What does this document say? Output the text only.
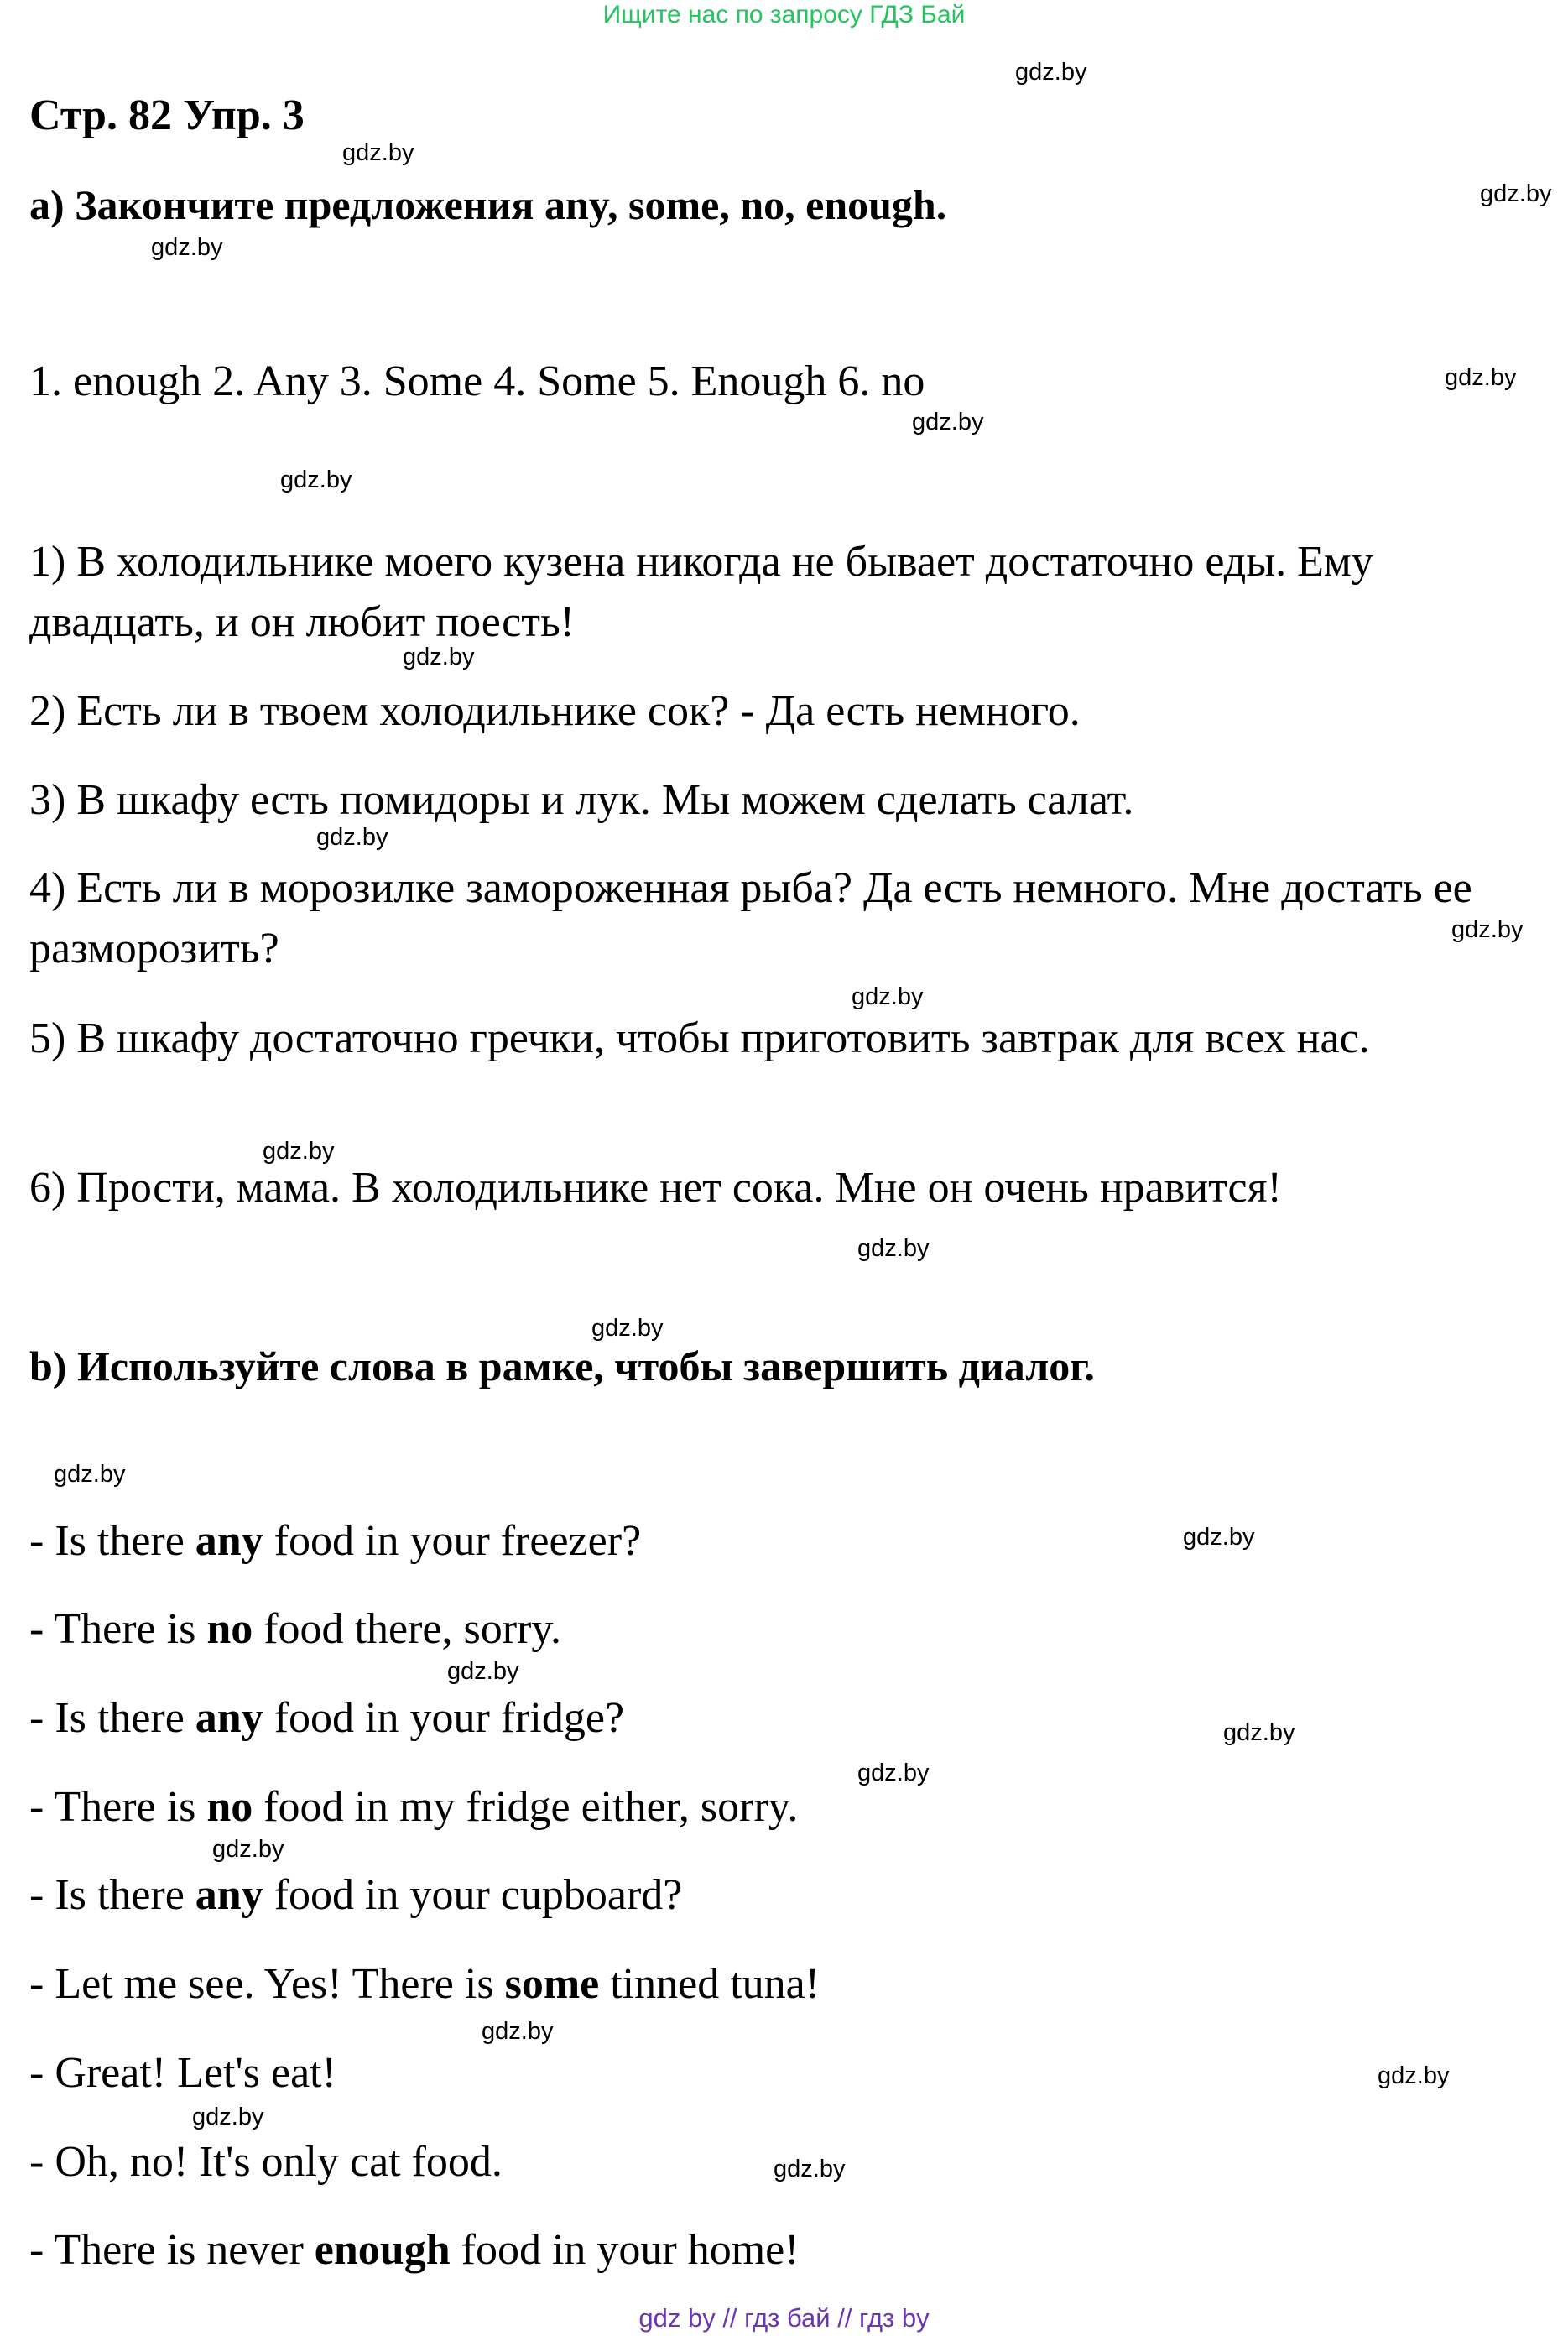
Ищите нас по запросу ГДЗ Бай
Стр. 82 Упр. 3
a) Закончите предложения any, some, no, enough.
1. enough 2. Any 3. Some 4. Some 5. Enough 6. no
1) В холодильнике моего кузена никогда не бывает достаточно еды. Ему двадцать, и он любит поесть!
2) Есть ли в твоем холодильнике сок? - Да есть немного.
3) В шкафу есть помидоры и лук. Мы можем сделать салат.
4) Есть ли в морозилке замороженная рыба? Да есть немного. Мне достать ее разморозить?
5) В шкафу достаточно гречки, чтобы приготовить завтрак для всех нас.
6) Прости, мама. В холодильнике нет сока. Мне он очень нравится!
b) Используйте слова в рамке, чтобы завершить диалог.
- Is there any food in your freezer?
- There is no food there, sorry.
- Is there any food in your fridge?
- There is no food in my fridge either, sorry.
- Is there any food in your cupboard?
- Let me see. Yes! There is some tinned tuna!
- Great! Let's eat!
- Oh, no! It's only cat food.
- There is never enough food in your home!
gdz.by
gdz.by
gdz.by
gdz.by
gdz.by
gdz.by
gdz.by
gdz.by
gdz.by
gdz.by
gdz.by
gdz.by
gdz.by
gdz.by
gdz.by
gdz.by
gdz.by
gdz.by
gdz.by
gdz.by
gdz.by
gdz.by
gdz.by
gdz.by
gdz by // гдз бай // гдз by
